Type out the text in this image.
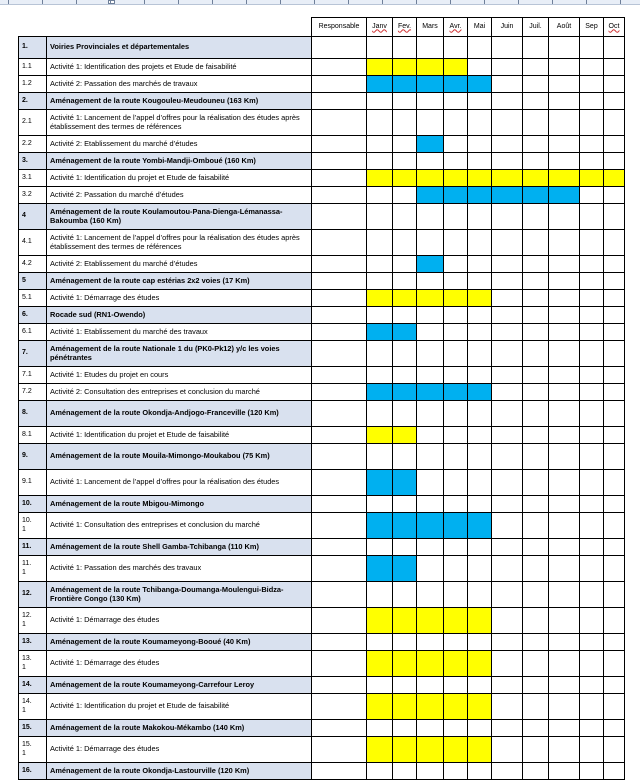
		Responsable	Janv	Fev.	Mars	Avr.	Mai	Juin	Juil.	Août	Sep	Oct
1.	Voiries Provinciales et départementales											
1.1	Activité 1: Identification des projets et Etude de faisabilité											
1.2	Activité 2: Passation des marchés de travaux											
2.	Aménagement de la route Kougouleu-Meudouneu (163 Km)											
2.1	Activité 1: Lancement de l’appel d’offres pour la réalisation des études après établissement des termes de références											
2.2	Activité 2: Etablissement du marché d’études											
3.	Aménagement de la route Yombi-Mandji-Omboué (160 Km)											
3.1	Activité 1: Identification du projet et Etude de faisabilité											
3.2	Activité 2: Passation du marché d’études											
4	Aménagement de la route Koulamoutou-Pana-Dienga-Lémanassa-Bakoumba (160 Km)											
4.1	Activité 1: Lancement de l’appel d’offres pour la réalisation des études après établissement des termes de références											
4.2	Activité 2: Etablissement du marché d’études											
5	Aménagement de la route cap estérias 2x2 voies (17 Km)											
5.1	Activité 1: Démarrage des études											
6.	Rocade sud (RN1-Owendo)											
6.1	Activité 1: Etablissement du marché des travaux											
7.	Aménagement de la route Nationale 1 du (PK0-Pk12) y/c les voies pénétrantes											
7.1	Activité 1: Etudes du projet en cours											
7.2	Activité 2: Consultation des entreprises et conclusion du marché											
8.	Aménagement de la route Okondja-Andjogo-Franceville (120 Km)											
8.1	Activité 1: Identification du projet et Etude de faisabilité											
9.	Aménagement de la route Mouila-Mimongo-Moukabou (75 Km)											
9.1	Activité 1: Lancement de l’appel d’offres pour la réalisation des études											
10.	Aménagement de la route Mbigou-Mimongo											
10.
1	Activité 1: Consultation des entreprises et conclusion du marché											
11.	Aménagement de la route Shell Gamba-Tchibanga (110 Km)											
11.
1	Activité 1: Passation des marchés des travaux											
12.	Aménagement de la route Tchibanga-Doumanga-Moulengui-Bidza-Frontière Congo (130 Km)											
12.
1	Activité 1: Démarrage des études											
13.	Aménagement de la route Koumameyong-Booué (40 Km)											
13.
1	Activité 1: Démarrage des études											
14.	Aménagement de la route Koumameyong-Carrefour Leroy											
14.
1	Activité 1: Identification du projet et Etude de faisabilité											
15.	Aménagement de la route Makokou-Mékambo (140 Km)											
15.
1	Activité 1: Démarrage des études											
16.	Aménagement de la route Okondja-Lastourville (120 Km)											
